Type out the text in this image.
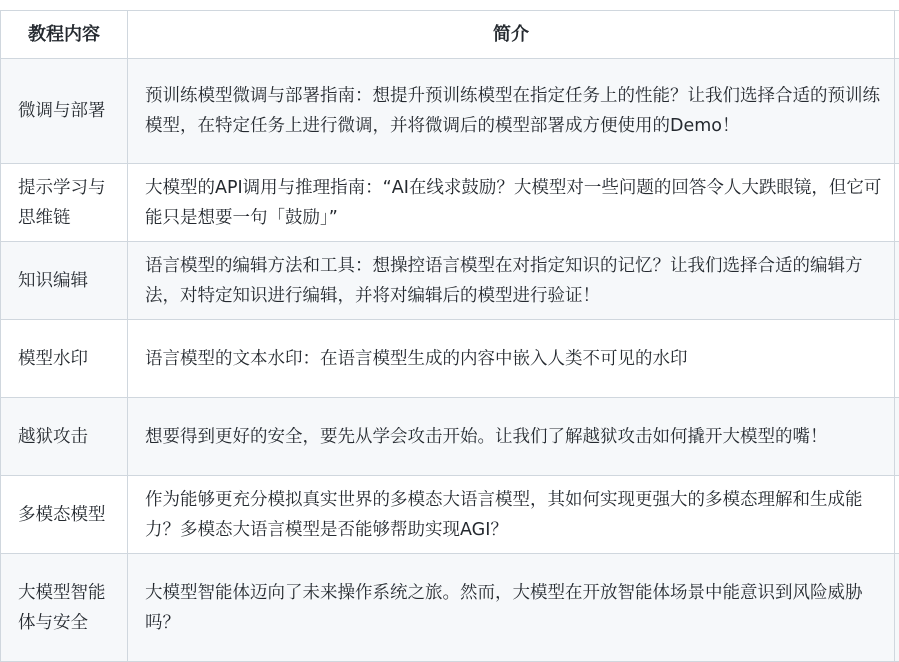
教程内容	简介	
微调与部署	预训练模型微调与部署指南：想提升预训练模型在指定任务上的性能？让我们选择合适的预训练模型，在特定任务上进行微调，并将微调后的模型部署成方便使用的Demo！	
提示学习与思维链	大模型的API调用与推理指南：“AI在线求鼓励？大模型对一些问题的回答令人大跌眼镜，但它可能只是想要一句「鼓励」”	
知识编辑	语言模型的编辑方法和工具：想操控语言模型在对指定知识的记忆？让我们选择合适的编辑方法，对特定知识进行编辑，并将对编辑后的模型进行验证！	
模型水印	语言模型的文本水印：在语言模型生成的内容中嵌入人类不可见的水印	
越狱攻击	想要得到更好的安全，要先从学会攻击开始。让我们了解越狱攻击如何撬开大模型的嘴！	
多模态模型	作为能够更充分模拟真实世界的多模态大语言模型，其如何实现更强大的多模态理解和生成能力？多模态大语言模型是否能够帮助实现AGI？	
大模型智能体与安全	大模型智能体迈向了未来操作系统之旅。然而，大模型在开放智能体场景中能意识到风险威胁吗？	
